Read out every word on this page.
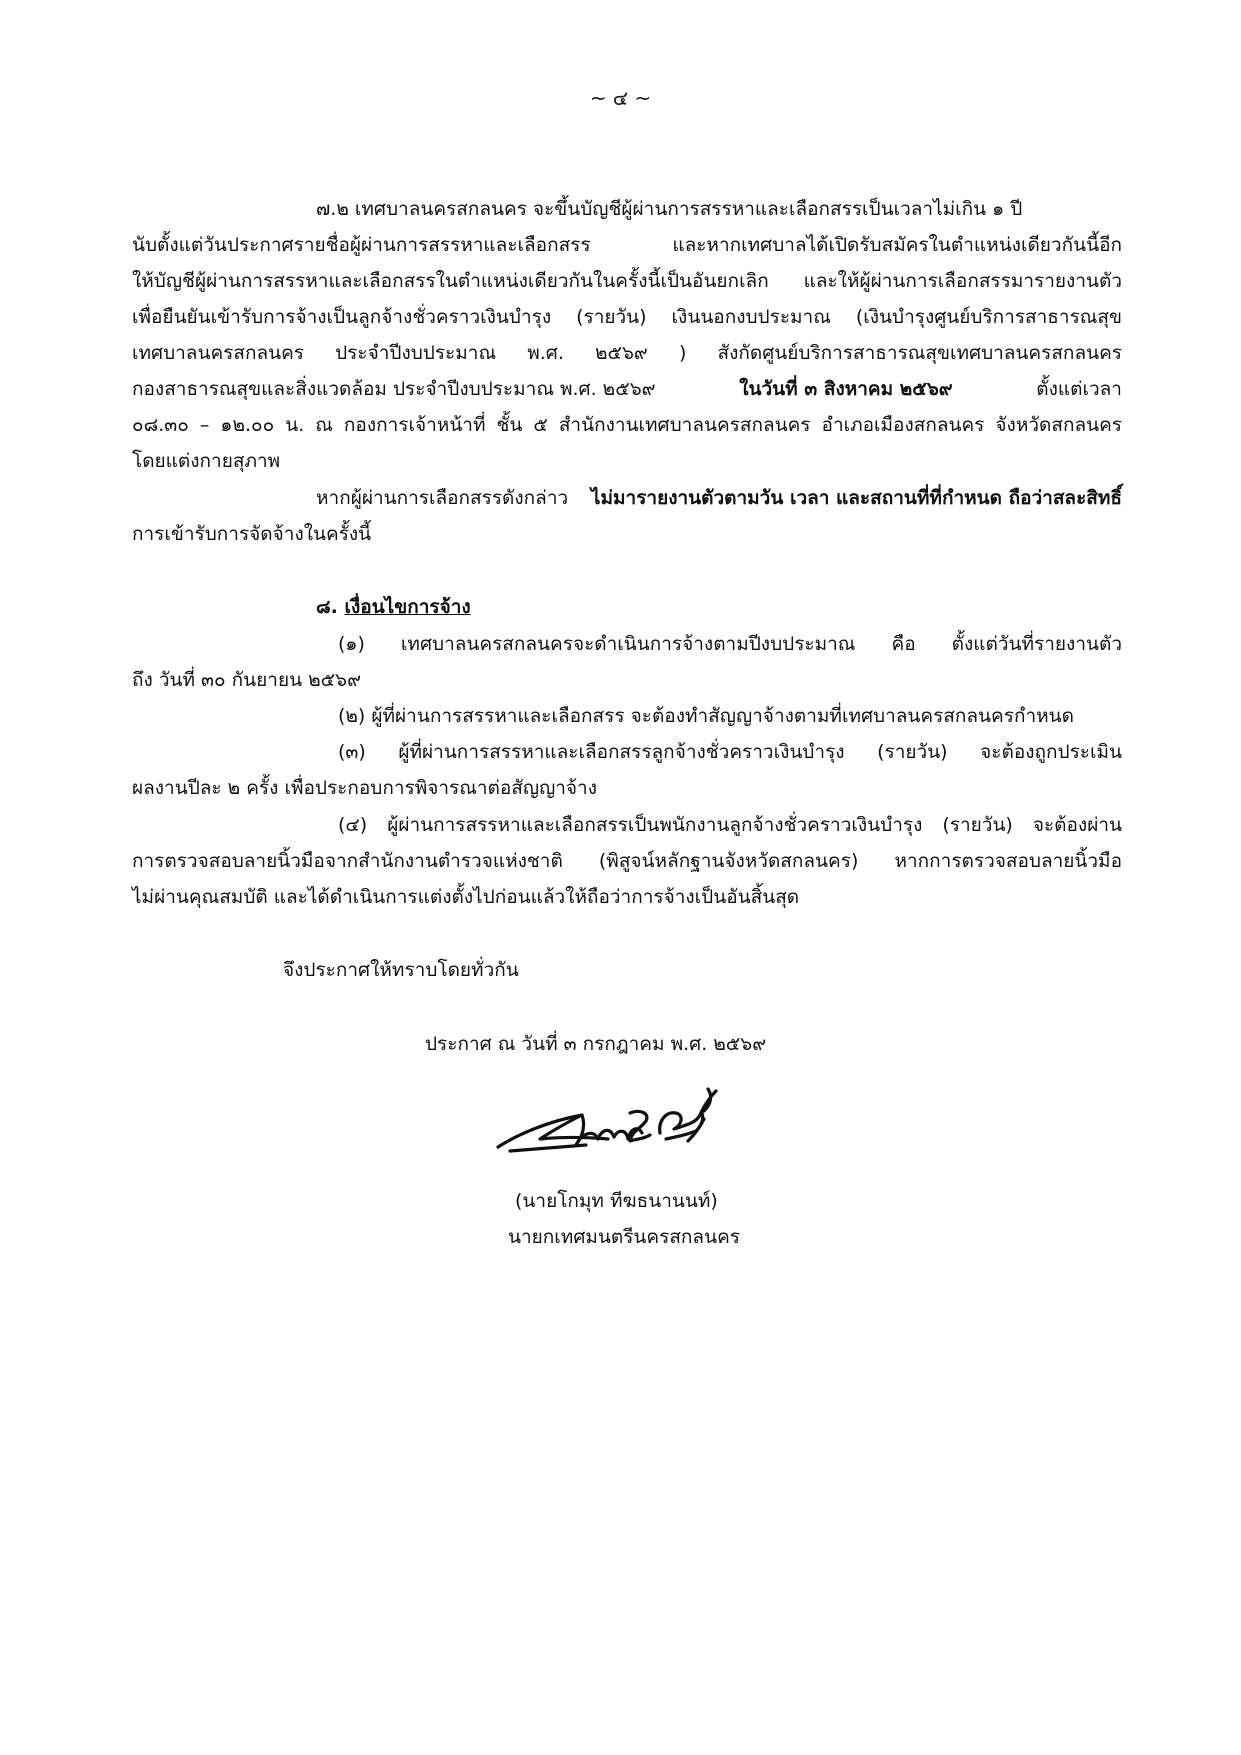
~ ๔ ~

๗.๒ เทศบาลนครสกลนคร จะขึ้นบัญชีผู้ผ่านการสรรหาและเลือกสรรเป็นเวลาไม่เกิน ๑ ปี

นับตั้งแต่วันประกาศรายชื่อผู้ผ่านการสรรหาและเลือกสรร และหากเทศบาลได้เปิดรับสมัครในตำแหน่งเดียวกันนี้อีก

ให้บัญชีผู้ผ่านการสรรหาและเลือกสรรในตำแหน่งเดียวกันในครั้งนี้เป็นอันยกเลิก และให้ผู้ผ่านการเลือกสรรมารายงานตัว

เพื่อยืนยันเข้ารับการจ้างเป็นลูกจ้างชั่วคราวเงินบำรุง (รายวัน) เงินนอกงบประมาณ (เงินบำรุงศูนย์บริการสาธารณสุข

เทศบาลนครสกลนคร ประจำปีงบประมาณ พ.ศ. ๒๕๖๙ ) สังกัดศูนย์บริการสาธารณสุขเทศบาลนครสกลนคร

กองสาธารณสุขและสิ่งแวดล้อม ประจำปีงบประมาณ พ.ศ. ๒๕๖๙	ในวันที่ ๓ สิงหาคม ๒๕๖๙	ตั้งแต่เวลา

๐๘.๓๐ – ๑๒.๐๐ น. ณ กองการเจ้าหน้าที่ ชั้น ๕ สำนักงานเทศบาลนครสกลนคร อำเภอเมืองสกลนคร จังหวัดสกลนคร

โดยแต่งกายสุภาพ

หากผู้ผ่านการเลือกสรรดังกล่าว ไม่มารายงานตัวตามวัน เวลา และสถานที่ที่กำหนด ถือว่าสละสิทธิ์

การเข้ารับการจัดจ้างในครั้งนี้

๘. เงื่อนไขการจ้าง

(๑) เทศบาลนครสกลนครจะดำเนินการจ้างตามปีงบประมาณ คือ ตั้งแต่วันที่รายงานตัว

ถึง วันที่ ๓๐ กันยายน ๒๕๖๙

(๒) ผู้ที่ผ่านการสรรหาและเลือกสรร จะต้องทำสัญญาจ้างตามที่เทศบาลนครสกลนครกำหนด

(๓) ผู้ที่ผ่านการสรรหาและเลือกสรรลูกจ้างชั่วคราวเงินบำรุง (รายวัน) จะต้องถูกประเมิน

ผลงานปีละ ๒ ครั้ง เพื่อประกอบการพิจารณาต่อสัญญาจ้าง

(๔) ผู้ผ่านการสรรหาและเลือกสรรเป็นพนักงานลูกจ้างชั่วคราวเงินบำรุง (รายวัน) จะต้องผ่าน

การตรวจสอบลายนิ้วมือจากสำนักงานตำรวจแห่งชาติ (พิสูจน์หลักฐานจังหวัดสกลนคร) หากการตรวจสอบลายนิ้วมือ

ไม่ผ่านคุณสมบัติ และได้ดำเนินการแต่งตั้งไปก่อนแล้วให้ถือว่าการจ้างเป็นอันสิ้นสุด

จึงประกาศให้ทราบโดยทั่วกัน

ประกาศ ณ วันที่ ๓ กรกฎาคม พ.ศ. ๒๕๖๙

(นายโกมุท ทีฆธนานนท์)

นายกเทศมนตรีนครสกลนคร
